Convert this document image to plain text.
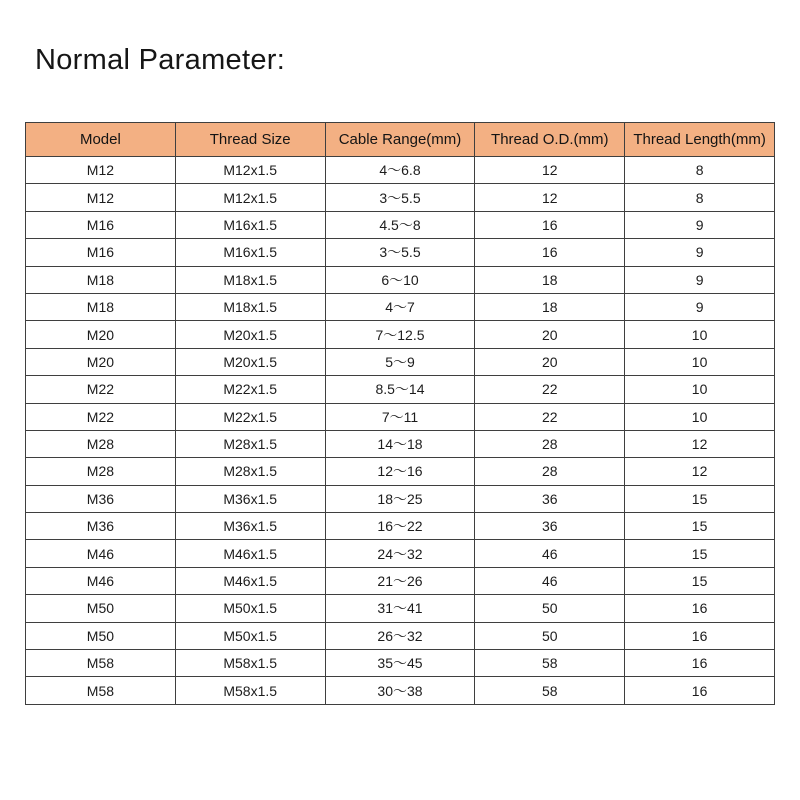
Normal Parameter:
Model	Thread Size	Cable Range(mm)	Thread O.D.(mm)	Thread Length(mm)
M12	M12x1.5	4～6.8	12	8
M12	M12x1.5	3～5.5	12	8
M16	M16x1.5	4.5～8	16	9
M16	M16x1.5	3～5.5	16	9
M18	M18x1.5	6～10	18	9
M18	M18x1.5	4～7	18	9
M20	M20x1.5	7～12.5	20	10
M20	M20x1.5	5～9	20	10
M22	M22x1.5	8.5～14	22	10
M22	M22x1.5	7～11	22	10
M28	M28x1.5	14～18	28	12
M28	M28x1.5	12～16	28	12
M36	M36x1.5	18～25	36	15
M36	M36x1.5	16～22	36	15
M46	M46x1.5	24～32	46	15
M46	M46x1.5	21～26	46	15
M50	M50x1.5	31～41	50	16
M50	M50x1.5	26～32	50	16
M58	M58x1.5	35～45	58	16
M58	M58x1.5	30～38	58	16
